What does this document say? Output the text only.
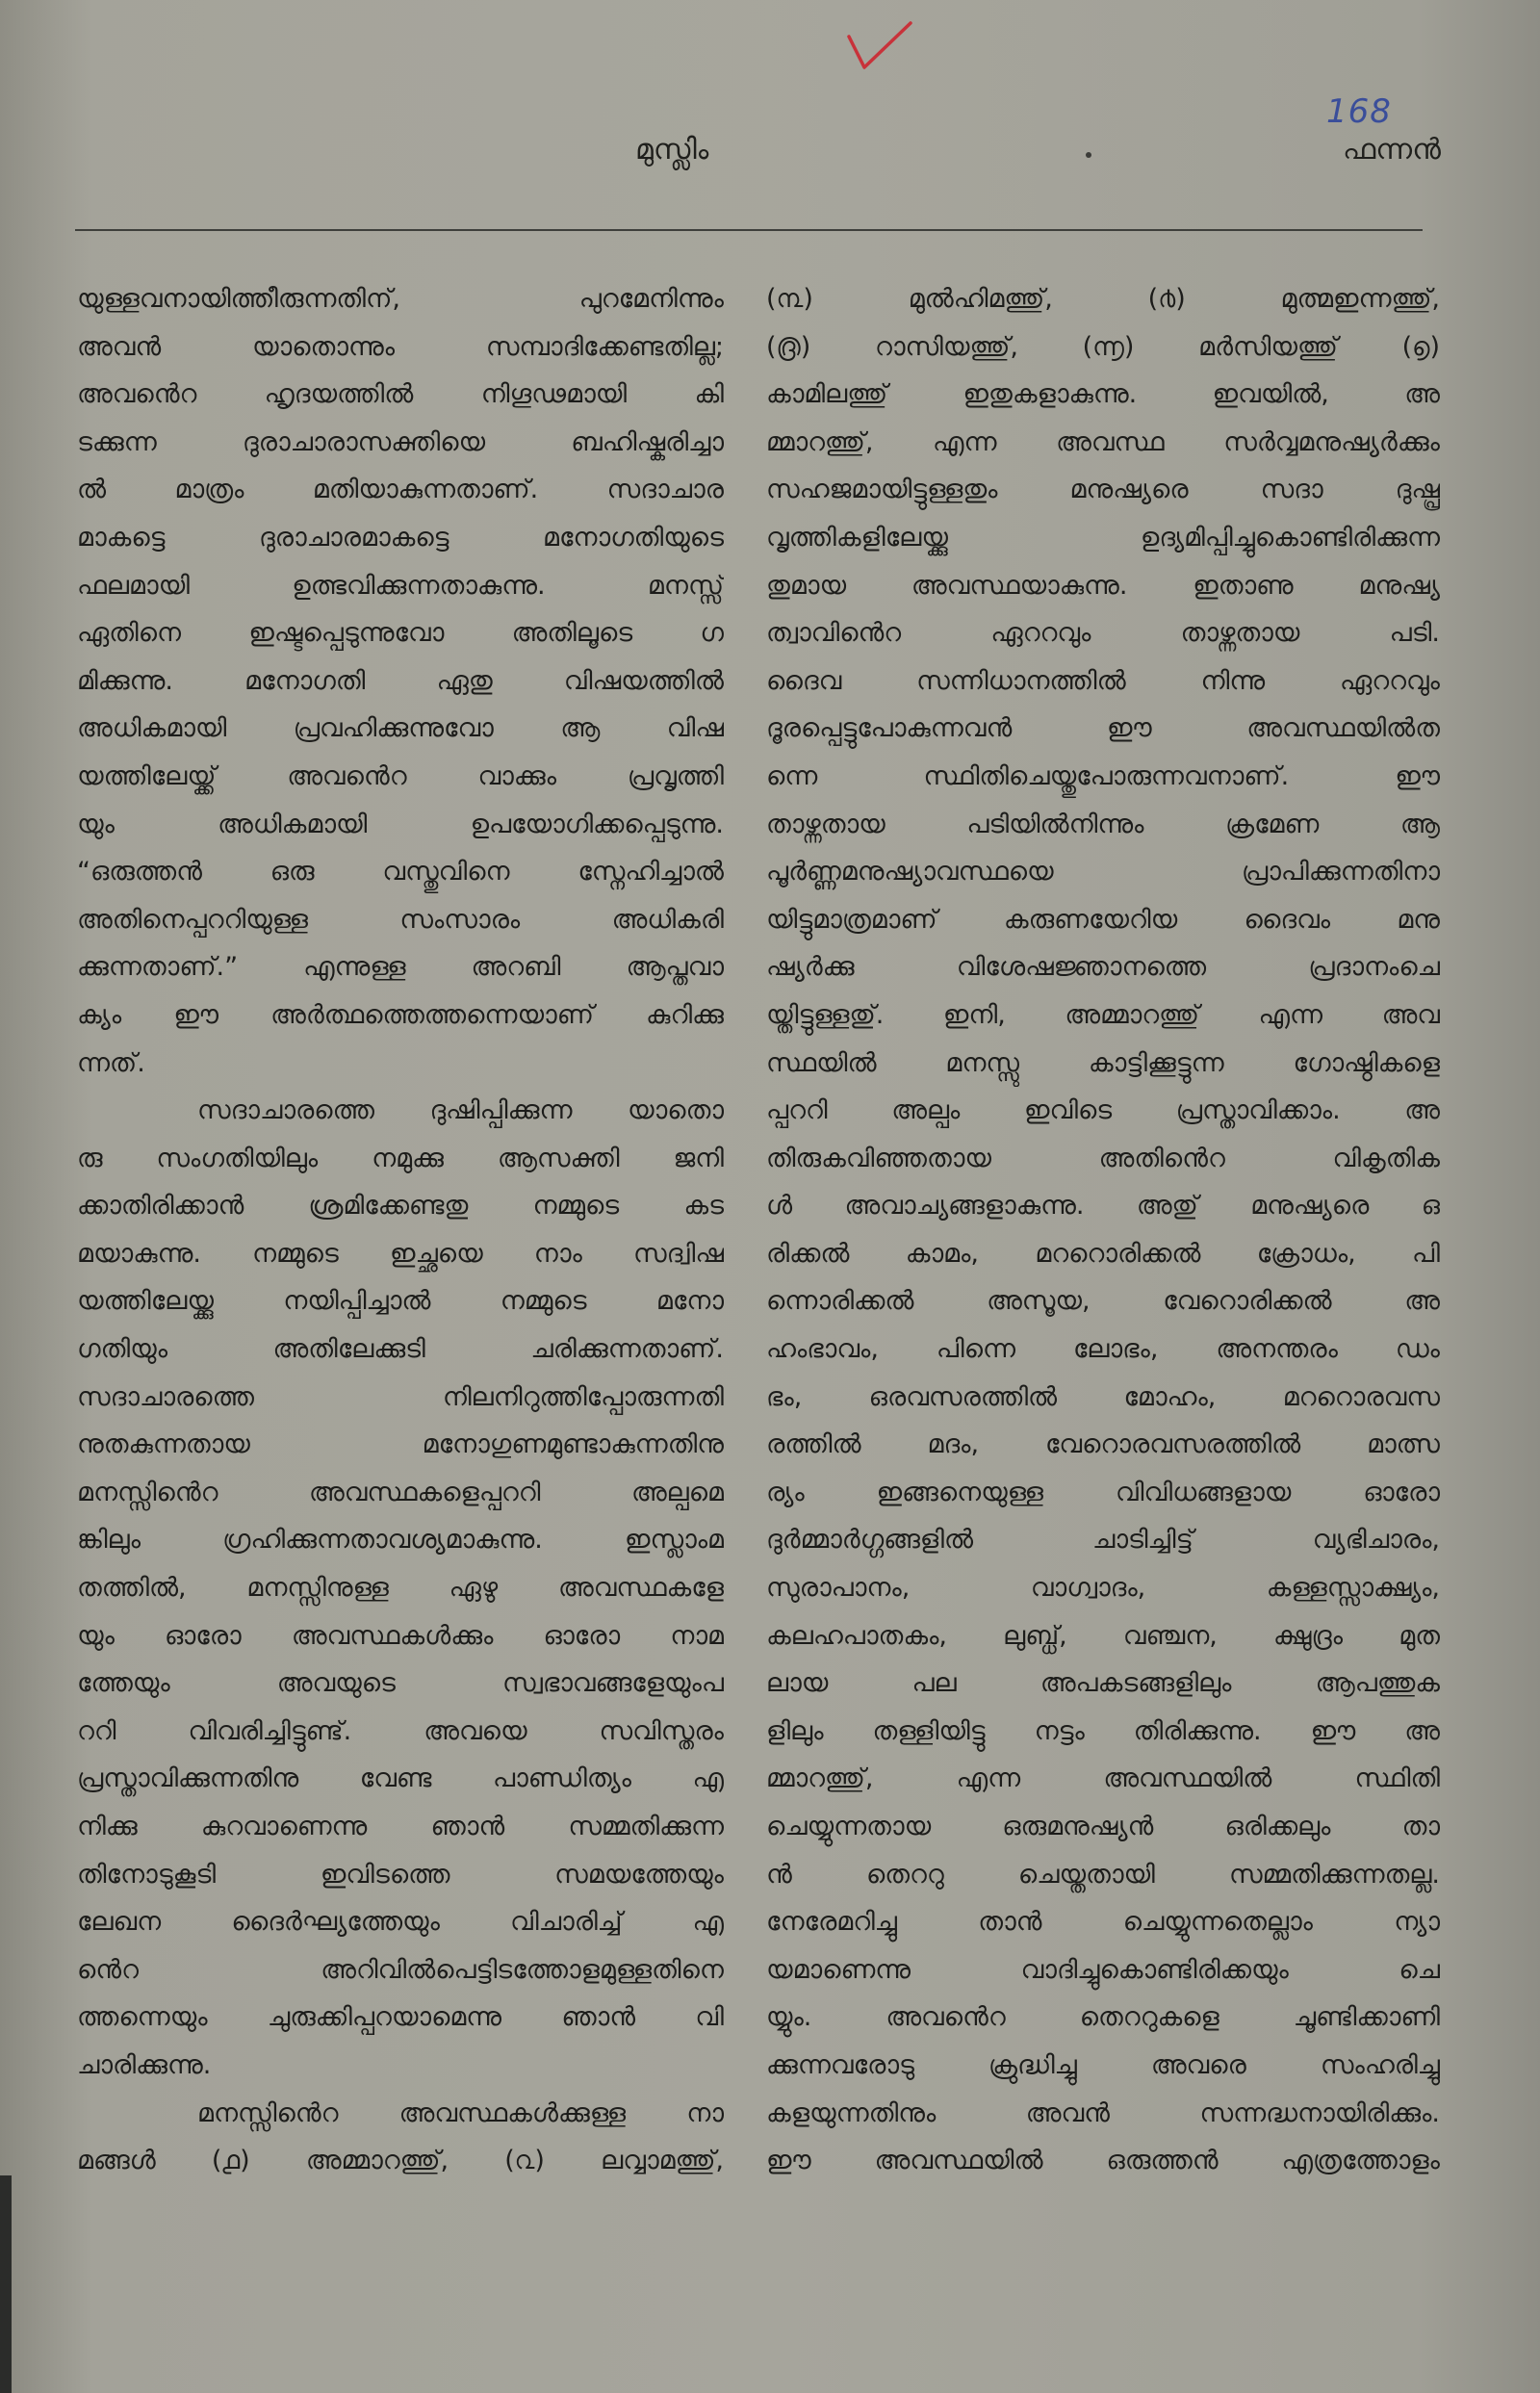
168
മുസ്ലിം	ഫന്നൻ
യുള്ളവനായിത്തീരുന്നതിന്, പുറമേനിന്നും
അവൻ യാതൊന്നും സമ്പാദിക്കേണ്ടതില്ല;
അവൻെറ ഹൃദയത്തിൽ നിഗൂഢമായി കി
ടക്കുന്ന ദുരാചാരാസക്തിയെ ബഹിഷ്കരിച്ചാ
ൽ മാത്രം മതിയാകുന്നതാണ്. സദാചാര
മാകട്ടെ ദുരാചാരമാകട്ടെ മനോഗതിയുടെ
ഫലമായി ഉത്ഭവിക്കുന്നതാകുന്നു. മനസ്സ്
ഏതിനെ ഇഷ്ടപ്പെടുന്നുവോ അതിലൂടെ ഗ
മിക്കുന്നു. മനോഗതി ഏതു വിഷയത്തിൽ
അധികമായി പ്രവഹിക്കുന്നുവോ ആ വിഷ
യത്തിലേയ്ക്ക് അവൻെറ വാക്കും പ്രവൃത്തി
യും അധികമായി ഉപയോഗിക്കപ്പെടുന്നു.
“ഒരുത്തൻ ഒരു വസ്തുവിനെ സ്നേഹിച്ചാൽ
അതിനെപ്പററിയുള്ള സംസാരം അധികരി
ക്കുന്നതാണ്.” എന്നുള്ള അറബി ആപ്തവാ
ക്യം ഈ അർത്ഥത്തെത്തന്നെയാണ് കുറിക്കു
ന്നത്.
സദാചാരത്തെ ദുഷിപ്പിക്കുന്ന യാതൊ
രു സംഗതിയിലും നമുക്കു ആസക്തി ജനി
ക്കാതിരിക്കാൻ ശ്രമിക്കേണ്ടതു നമ്മുടെ കട
മയാകുന്നു. നമ്മുടെ ഇച്ഛയെ നാം സദ്വിഷ
യത്തിലേയ്ക്കു നയിപ്പിച്ചാൽ നമ്മുടെ മനോ
ഗതിയും അതിലേക്കുടി ചരിക്കുന്നതാണ്.
സദാചാരത്തെ നിലനിറുത്തിപ്പോരുന്നതി
നുതകുന്നതായ മനോഗുണമുണ്ടാകുന്നതിനു
മനസ്സിൻെറ അവസ്ഥകളെപ്പററി അല്പമെ
ങ്കിലും ഗ്രഹിക്കുന്നതാവശ്യമാകുന്നു. ഇസ്ലാംമ
തത്തിൽ, മനസ്സിനുള്ള ഏഴു അവസ്ഥകളേ
യും ഓരോ അവസ്ഥകൾക്കും ഓരോ നാമ
ത്തേയും അവയുടെ സ്വഭാവങ്ങളേയുംപ
ററി വിവരിച്ചിട്ടുണ്ട്. അവയെ സവിസ്തരം
പ്രസ്താവിക്കുന്നതിനു വേണ്ട പാണ്ഡിത്യം എ
നിക്കു കുറവാണെന്നു ഞാൻ സമ്മതിക്കുന്ന
തിനോടുകൂടി ഇവിടത്തെ സമയത്തേയും
ലേഖന ദൈർഘ്യത്തേയും വിചാരിച്ച് എ
ൻെറ അറിവിൽപെട്ടിടത്തോളമുള്ളതിനെ
ത്തന്നെയും ചുരുക്കിപ്പറയാമെന്നു ഞാൻ വി
ചാരിക്കുന്നു.
മനസ്സിൻെറ അവസ്ഥകൾക്കുള്ള നാ
മങ്ങൾ (൧) അമ്മാറത്തു്, (൨) ലവ്വാമത്തു്,
(൩) മുൽഹിമത്തു്, (൪) മുത്മഇന്നത്തു്,
(൫) റാസിയത്തു്, (൬) മർസിയത്തു് (൭)
കാമിലത്തു് ഇതുകളാകുന്നു. ഇവയിൽ, അ
മ്മാറത്തു്, എന്ന അവസ്ഥ സർവ്വമനുഷ്യർക്കും
സഹജമായിട്ടുള്ളതും മനുഷ്യരെ സദാ ദുഷ്പ്ര
വൃത്തികളിലേയ്ക്കു ഉദ്യമിപ്പിച്ചുകൊണ്ടിരിക്കുന്ന
തുമായ അവസ്ഥയാകുന്നു. ഇതാണു മനുഷ്യ
ത്വാവിൻെറ ഏററവും താഴ്ന്നതായ പടി.
ദൈവ സന്നിധാനത്തിൽ നിന്നു ഏററവും
ദൂരപ്പെട്ടുപോകുന്നവൻ ഈ അവസ്ഥയിൽത
ന്നെ സ്ഥിതിചെയ്തുപോരുന്നവനാണ്. ഈ
താഴ്ന്നതായ പടിയിൽനിന്നും ക്രമേണ ആ
പൂർണ്ണമനുഷ്യാവസ്ഥയെ പ്രാപിക്കുന്നതിനാ
യിട്ടുമാത്രമാണ് കരുണയേറിയ ദൈവം മനു
ഷ്യർക്കു വിശേഷജ്ഞാനത്തെ പ്രദാനംചെ
യ്തിട്ടുള്ളതു്. ഇനി, അമ്മാറത്തു് എന്ന അവ
സ്ഥയിൽ മനസ്സു കാട്ടിക്കൂട്ടുന്ന ഗോഷ്ഠികളെ
പ്പററി അല്പം ഇവിടെ പ്രസ്താവിക്കാം. അ
തിരുകവിഞ്ഞതായ അതിൻെറ വികൃതിക
ൾ അവാച്യങ്ങളാകുന്നു. അതു് മനുഷ്യരെ ഒ
രിക്കൽ കാമം, മററൊരിക്കൽ ക്രോധം, പി
ന്നൊരിക്കൽ അസൂയ, വേറൊരിക്കൽ അ
ഹംഭാവം, പിന്നെ ലോഭം, അനന്തരം ഡം
ഭം, ഒരവസരത്തിൽ മോഹം, മററൊരവസ
രത്തിൽ മദം, വേറൊരവസരത്തിൽ മാത്സ
ര്യം ഇങ്ങനെയുള്ള വിവിധങ്ങളായ ഓരോ
ദുർമ്മാർഗ്ഗങ്ങളിൽ ചാടിച്ചിട്ട് വ്യഭിചാരം,
സുരാപാനം, വാഗ്വാദം, കള്ളസ്സാക്ഷ്യം,
കലഹപാതകം, ലുബ്ധ്, വഞ്ചന, ക്ഷുദ്രം മുത
ലായ പല അപകടങ്ങളിലും ആപത്തുക
ളിലും തള്ളിയിട്ടു നട്ടം തിരിക്കുന്നു. ഈ അ
മ്മാറത്തു്, എന്ന അവസ്ഥയിൽ സ്ഥിതി
ചെയ്യുന്നതായ ഒരുമനുഷ്യൻ ഒരിക്കലും താ
ൻ തെററു ചെയ്തതായി സമ്മതിക്കുന്നതല്ല.
നേരേമറിച്ചു താൻ ചെയ്യുന്നതെല്ലാം ന്യാ
യമാണെന്നു വാദിച്ചുകൊണ്ടിരിക്കയും ചെ
യ്യും. അവൻെറ തെററുകളെ ചൂണ്ടിക്കാണി
ക്കുന്നവരോടു ക്രുദ്ധിച്ചു അവരെ സംഹരിച്ചു
കളയുന്നതിനും അവൻ സന്നദ്ധനായിരിക്കും.
ഈ അവസ്ഥയിൽ ഒരുത്തൻ എത്രത്തോളം
